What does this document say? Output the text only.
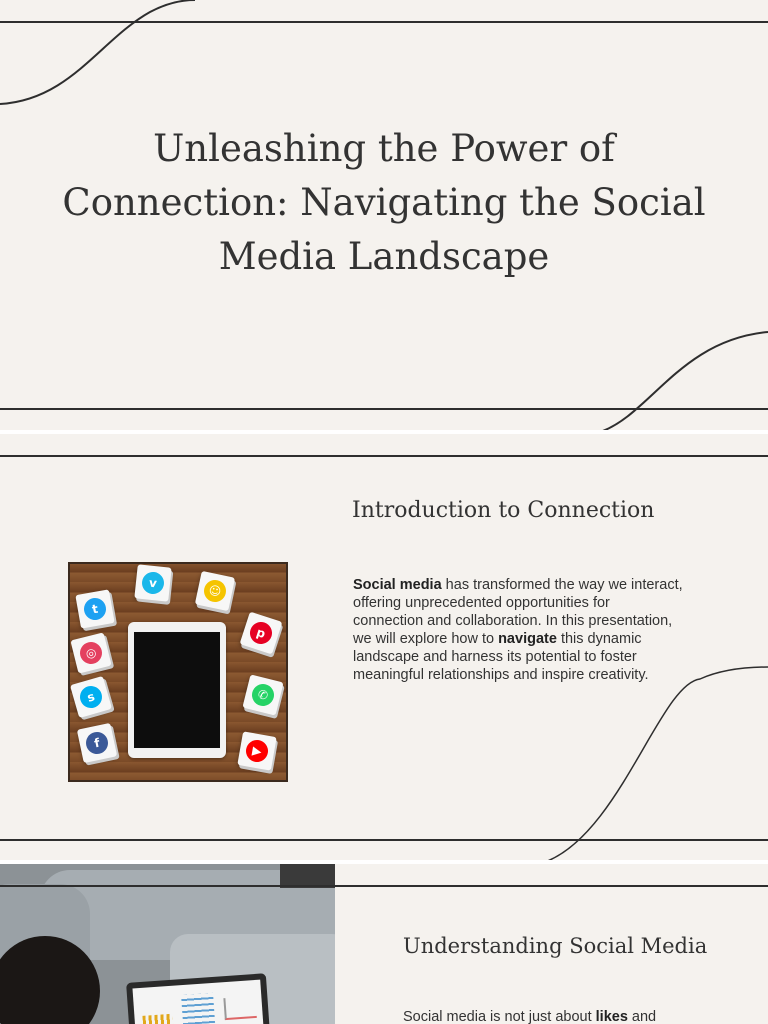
Unleashing the Power of Connection: Navigating the Social Media Landscape
Introduction to Connection

Social media has transformed the way we interact, offering unprecedented opportunities for connection and collaboration. In this presentation, we will explore how to navigate this dynamic landscape and harness its potential to foster meaningful relationships and inspire creativity.

t
v	☺
◎
p
s	✆
f
▶
Understanding Social Media

Social media is not just about likes and
